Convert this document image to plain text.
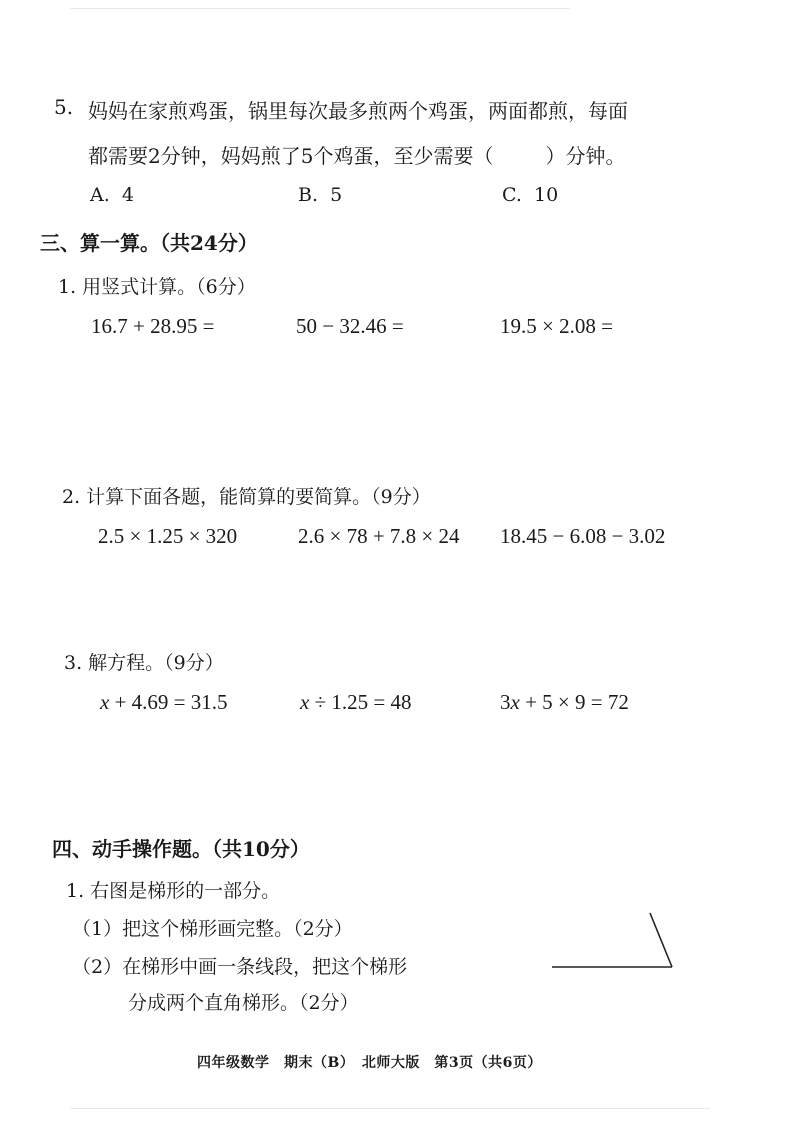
5. 妈妈在家煎鸡蛋，锅里每次最多煎两个鸡蛋，两面都煎，每面
都需要2分钟，妈妈煎了5个鸡蛋，至少需要（	）分钟。
A. 4	B. 5	C. 10
三、算一算。（共24分）
1. 用竖式计算。（6分）
16.7 + 28.95 =	50 − 32.46 =	19.5 × 2.08 =
2. 计算下面各题，能简算的要简算。（9分）
2.5 × 1.25 × 320	2.6 × 78 + 7.8 × 24 18.45 − 6.08 − 3.02
3. 解方程。（9分）
x + 4.69 = 31.5	x ÷ 1.25 = 48	3x + 5 × 9 = 72
四、动手操作题。（共10分）
1. 右图是梯形的一部分。
（1）把这个梯形画完整。（2分）
（2）在梯形中画一条线段，把这个梯形
分成两个直角梯形。（2分）
四年级数学　期末（B）　北师大版　第3页（共6页）
